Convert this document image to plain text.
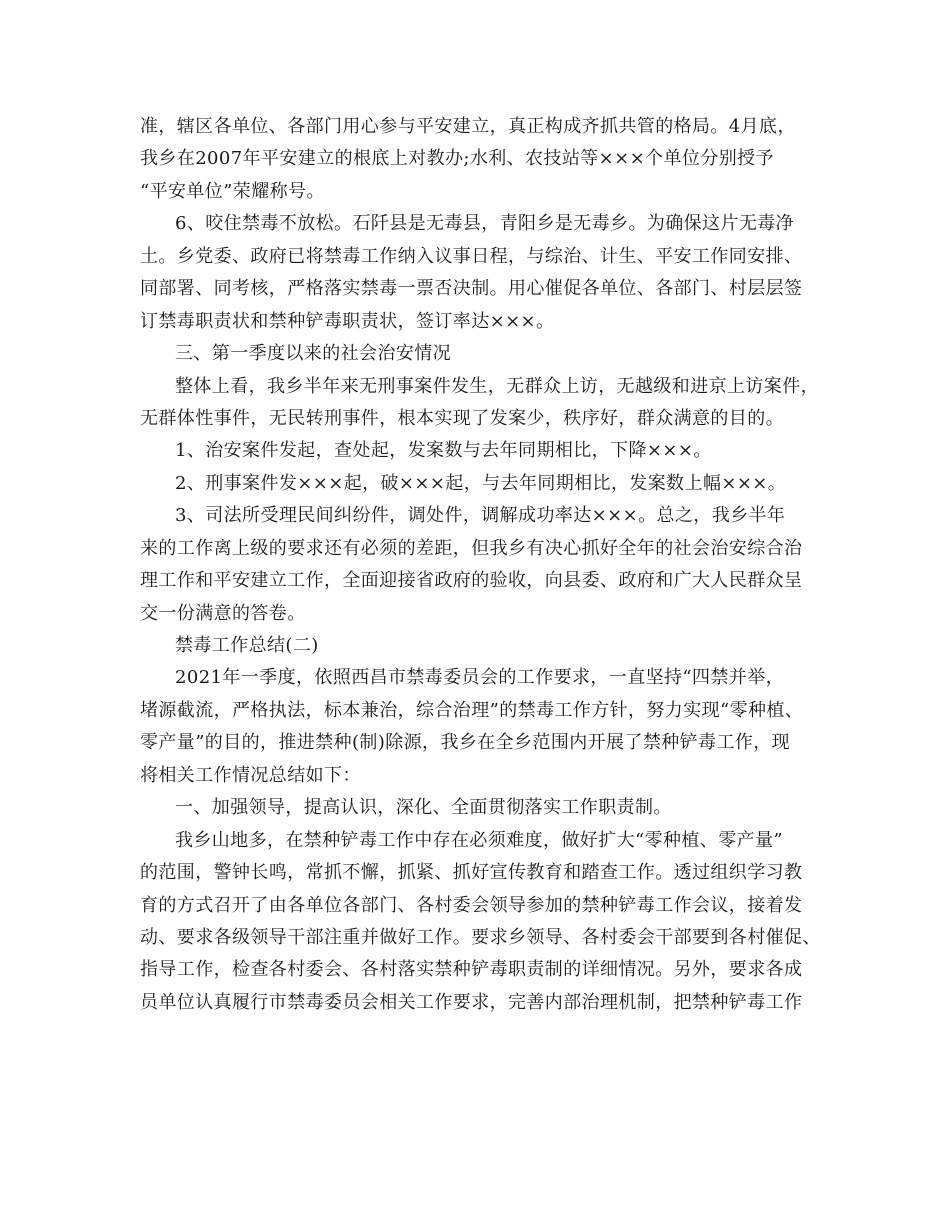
准，辖区各单位、各部门用心参与平安建立，真正构成齐抓共管的格局。4月底，
我乡在2007年平安建立的根底上对教办;水利、农技站等×××个单位分别授予
“平安单位”荣耀称号。
6、咬住禁毒不放松。石阡县是无毒县，青阳乡是无毒乡。为确保这片无毒净
土。乡党委、政府已将禁毒工作纳入议事日程，与综治、计生、平安工作同安排、
同部署、同考核，严格落实禁毒一票否决制。用心催促各单位、各部门、村层层签
订禁毒职责状和禁种铲毒职责状，签订率达×××。
三、第一季度以来的社会治安情况
整体上看，我乡半年来无刑事案件发生，无群众上访，无越级和进京上访案件，
无群体性事件，无民转刑事件，根本实现了发案少，秩序好，群众满意的目的。
1、治安案件发起，查处起，发案数与去年同期相比，下降×××。
2、刑事案件发×××起，破×××起，与去年同期相比，发案数上幅×××。
3、司法所受理民间纠纷件，调处件，调解成功率达×××。总之，我乡半年
来的工作离上级的要求还有必须的差距，但我乡有决心抓好全年的社会治安综合治
理工作和平安建立工作，全面迎接省政府的验收，向县委、政府和广大人民群众呈
交一份满意的答卷。
禁毒工作总结(二)
2021年一季度，依照西昌市禁毒委员会的工作要求，一直坚持“四禁并举，
堵源截流，严格执法，标本兼治，综合治理”的禁毒工作方针，努力实现“零种植、
零产量”的目的，推进禁种(制)除源，我乡在全乡范围内开展了禁种铲毒工作，现
将相关工作情况总结如下：
一、加强领导，提高认识，深化、全面贯彻落实工作职责制。
我乡山地多，在禁种铲毒工作中存在必须难度，做好扩大“零种植、零产量”
的范围，警钟长鸣，常抓不懈，抓紧、抓好宣传教育和踏查工作。透过组织学习教
育的方式召开了由各单位各部门、各村委会领导参加的禁种铲毒工作会议，接着发
动、要求各级领导干部注重并做好工作。要求乡领导、各村委会干部要到各村催促、
指导工作，检查各村委会、各村落实禁种铲毒职责制的详细情况。另外，要求各成
员单位认真履行市禁毒委员会相关工作要求，完善内部治理机制，把禁种铲毒工作
